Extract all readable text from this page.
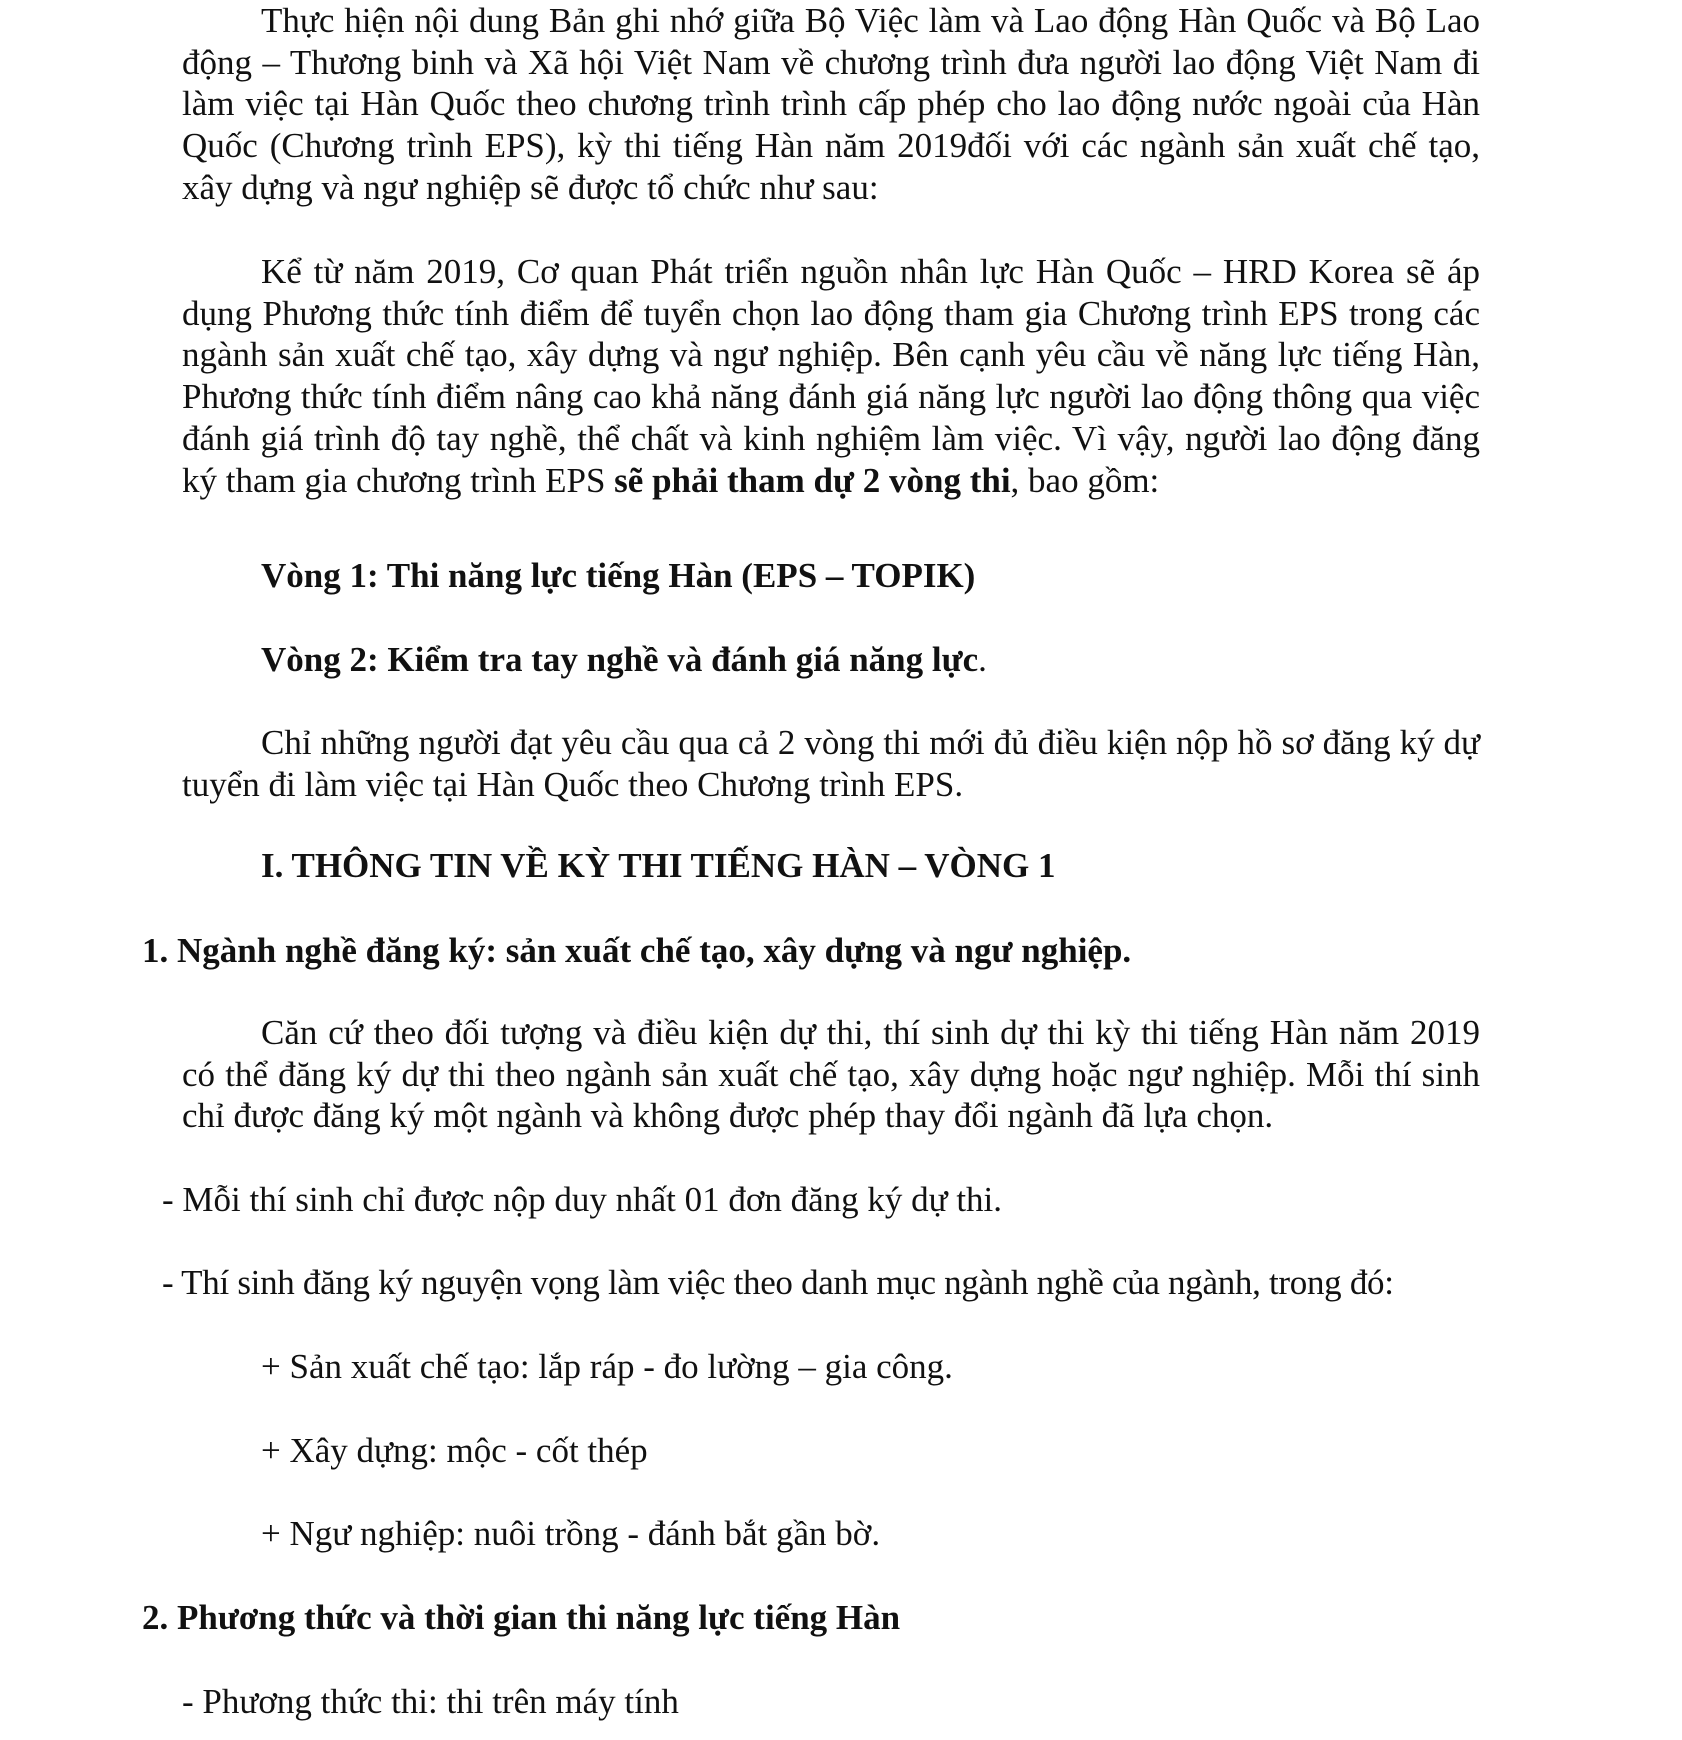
Thực hiện nội dung Bản ghi nhớ giữa Bộ Việc làm và Lao động Hàn Quốc và Bộ Lao động – Thương binh và Xã hội Việt Nam về chương trình đưa người lao động Việt Nam đi làm việc tại Hàn Quốc theo chương trình trình cấp phép cho lao động nước ngoài của Hàn Quốc (Chương trình EPS), kỳ thi tiếng Hàn năm 2019đối với các ngành sản xuất chế tạo, xây dựng và ngư nghiệp sẽ được tổ chức như sau:

Kể từ năm 2019, Cơ quan Phát triển nguồn nhân lực Hàn Quốc – HRD Korea sẽ áp dụng Phương thức tính điểm để tuyển chọn lao động tham gia Chương trình EPS trong các ngành sản xuất chế tạo, xây dựng và ngư nghiệp. Bên cạnh yêu cầu về năng lực tiếng Hàn, Phương thức tính điểm nâng cao khả năng đánh giá năng lực người lao động thông qua việc đánh giá trình độ tay nghề, thể chất và kinh nghiệm làm việc. Vì vậy, người lao động đăng ký tham gia chương trình EPS sẽ phải tham dự 2 vòng thi, bao gồm:

Vòng 1: Thi năng lực tiếng Hàn (EPS – TOPIK)

Vòng 2: Kiểm tra tay nghề và đánh giá năng lực.

Chỉ những người đạt yêu cầu qua cả 2 vòng thi mới đủ điều kiện nộp hồ sơ đăng ký dự tuyển đi làm việc tại Hàn Quốc theo Chương trình EPS.

I. THÔNG TIN VỀ KỲ THI TIẾNG HÀN – VÒNG 1

1. Ngành nghề đăng ký: sản xuất chế tạo, xây dựng và ngư nghiệp.

Căn cứ theo đối tượng và điều kiện dự thi, thí sinh dự thi kỳ thi tiếng Hàn năm 2019 có thể đăng ký dự thi theo ngành sản xuất chế tạo, xây dựng hoặc ngư nghiệp. Mỗi thí sinh chỉ được đăng ký một ngành và không được phép thay đổi ngành đã lựa chọn.

- Mỗi thí sinh chỉ được nộp duy nhất 01 đơn đăng ký dự thi.

- Thí sinh đăng ký nguyện vọng làm việc theo danh mục ngành nghề của ngành, trong đó:

+ Sản xuất chế tạo: lắp ráp - đo lường – gia công.

+ Xây dựng: mộc - cốt thép

+ Ngư nghiệp: nuôi trồng - đánh bắt gần bờ.

2. Phương thức và thời gian thi năng lực tiếng Hàn

- Phương thức thi: thi trên máy tính
